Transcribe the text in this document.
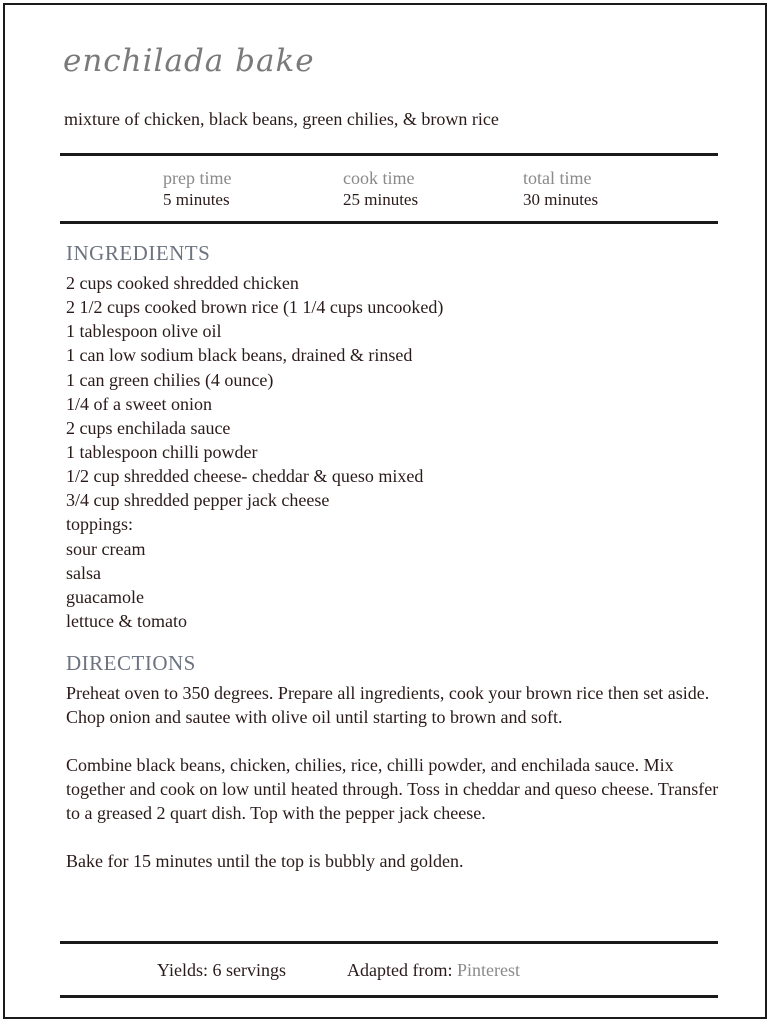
enchilada bake
mixture of chicken, black beans, green chilies, & brown rice
prep time
5 minutes
cook time
25 minutes
total time
30 minutes
INGREDIENTS
2 cups cooked shredded chicken
2 1/2 cups cooked brown rice (1 1/4 cups uncooked)
1 tablespoon olive oil
1 can low sodium black beans, drained & rinsed
1 can green chilies (4 ounce)
1/4 of a sweet onion
2 cups enchilada sauce
1 tablespoon chilli powder
1/2 cup shredded cheese- cheddar & queso mixed
3/4 cup shredded pepper jack cheese
toppings:
sour cream
salsa
guacamole
lettuce & tomato
DIRECTIONS

Preheat oven to 350 degrees. Prepare all ingredients, cook your brown rice then set aside. Chop onion and sautee with olive oil until starting to brown and soft.

Combine black beans, chicken, chilies, rice, chilli powder, and enchilada sauce. Mix together and cook on low until heated through. Toss in cheddar and queso cheese. Transfer to a greased 2 quart dish. Top with the pepper jack cheese.

Bake for 15 minutes until the top is bubbly and golden.

Yields: 6 servings	Adapted from: Pinterest
